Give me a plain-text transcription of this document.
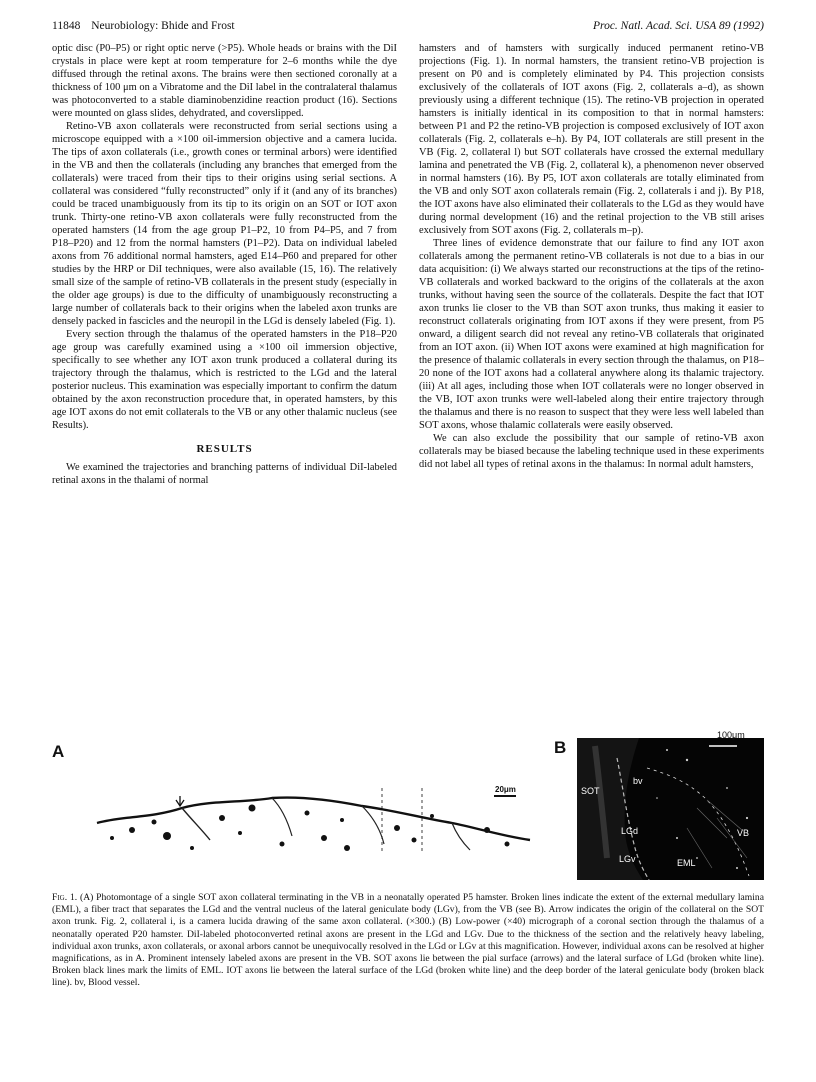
11848 Neurobiology: Bhide and Frost	Proc. Natl. Acad. Sci. USA 89 (1992)

optic disc (P0–P5) or right optic nerve (>P5). Whole heads or brains with the DiI crystals in place were kept at room temperature for 2–6 months while the dye diffused through the retinal axons. The brains were then sectioned coronally at a thickness of 100 μm on a Vibratome and the DiI label in the contralateral thalamus was photoconverted to a stable diaminobenzidine reaction product (16). Sections were mounted on glass slides, dehydrated, and coverslipped.

Retino-VB axon collaterals were reconstructed from serial sections using a microscope equipped with a ×100 oil-immersion objective and a camera lucida. The tips of axon collaterals (i.e., growth cones or terminal arbors) were identified in the VB and then the collaterals (including any branches that emerged from the collaterals) were traced from their tips to their origins using serial sections. A collateral was considered “fully reconstructed” only if it (and any of its branches) could be traced unambiguously from its tip to its origin on an SOT or IOT axon trunk. Thirty-one retino-VB axon collaterals were fully reconstructed from the operated hamsters (14 from the age group P1–P2, 10 from P4–P5, and 7 from P18–P20) and 12 from the normal hamsters (P1–P2). Data on individual labeled axons from 76 additional normal hamsters, aged E14–P60 and prepared for other studies by the HRP or DiI techniques, were also available (15, 16). The relatively small size of the sample of retino-VB collaterals in the present study (especially in the older age groups) is due to the difficulty of unambiguously reconstructing a large number of collaterals back to their origins when the labeled axon trunks are densely packed in fascicles and the neuropil in the LGd is densely labeled (Fig. 1).

Every section through the thalamus of the operated hamsters in the P18–P20 age group was carefully examined using a ×100 oil immersion objective, specifically to see whether any IOT axon trunk produced a collateral during its trajectory through the thalamus, which is restricted to the LGd and the lateral posterior nucleus. This examination was especially important to confirm the datum obtained by the axon reconstruction procedure that, in operated hamsters, by this age IOT axons do not emit collaterals to the VB or any other thalamic nucleus (see Results).

RESULTS

We examined the trajectories and branching patterns of individual DiI-labeled retinal axons in the thalami of normal

hamsters and of hamsters with surgically induced permanent retino-VB projections (Fig. 1). In normal hamsters, the transient retino-VB projection is present on P0 and is completely eliminated by P4. This projection consists exclusively of the collaterals of IOT axons (Fig. 2, collaterals a–d), as shown previously using a different technique (15). The retino-VB projection in operated hamsters is initially identical in its composition to that in normal hamsters: between P1 and P2 the retino-VB projection is composed exclusively of IOT axon collaterals (Fig. 2, collaterals e–h). By P4, IOT collaterals are still present in the VB (Fig. 2, collateral l) but SOT collaterals have crossed the external medullary lamina and penetrated the VB (Fig. 2, collateral k), a phenomenon never observed in normal hamsters (16). By P5, IOT axon collaterals are totally eliminated from the VB and only SOT axon collaterals remain (Fig. 2, collaterals i and j). By P18, the IOT axons have also eliminated their collaterals to the LGd as they would have during normal development (16) and the retinal projection to the VB still arises exclusively from SOT axons (Fig. 2, collaterals m–p).

Three lines of evidence demonstrate that our failure to find any IOT axon collaterals among the permanent retino-VB collaterals is not due to a bias in our data acquisition: (i) We always started our reconstructions at the tips of the retino-VB collaterals and worked backward to the origins of the collaterals at the axon trunks, without having seen the source of the collaterals. Despite the fact that IOT axon trunks lie closer to the VB than SOT axon trunks, thus making it easier to reconstruct collaterals originating from IOT axons if they were present, from P5 onward, a diligent search did not reveal any retino-VB collaterals that originated from an IOT axon. (ii) When IOT axons were examined at high magnification for the presence of thalamic collaterals in every section through the thalamus, on P18–20 none of the IOT axons had a collateral anywhere along its thalamic trajectory. (iii) At all ages, including those when IOT collaterals were no longer observed in the VB, IOT axon trunks were well-labeled along their entire trajectory through the thalamus and there is no reason to suspect that they were less well labeled than SOT axons, whose thalamic collaterals were easily observed.

We can also exclude the possibility that our sample of retino-VB axon collaterals may be biased because the labeling technique used in these experiments did not label all types of retinal axons in the thalamus: In normal adult hamsters,

A	B
20μm
100μm
SOT
bv
LGd
LGv
VB
EML
Fig. 1. (A) Photomontage of a single SOT axon collateral terminating in the VB in a neonatally operated P5 hamster. Broken lines indicate the extent of the external medullary lamina (EML), a fiber tract that separates the LGd and the ventral nucleus of the lateral geniculate body (LGv), from the VB (see B). Arrow indicates the origin of the collateral on the SOT axon trunk. Fig. 2, collateral i, is a camera lucida drawing of the same axon collateral. (×300.) (B) Low-power (×40) micrograph of a coronal section through the thalamus of a neonatally operated P20 hamster. DiI-labeled photoconverted retinal axons are present in the LGd and LGv. Due to the thickness of the section and the relatively heavy labeling, individual axon trunks, axon collaterals, or axonal arbors cannot be unequivocally resolved in the LGd or LGv at this magnification. However, individual axons can be resolved at higher magnifications, as in A. Prominent intensely labeled axons are present in the VB. SOT axons lie between the pial surface (arrows) and the lateral surface of LGd (broken white line). Broken black lines mark the limits of EML. IOT axons lie between the lateral surface of the LGd (broken white line) and the deep border of the lateral geniculate body (broken black line). bv, Blood vessel.
